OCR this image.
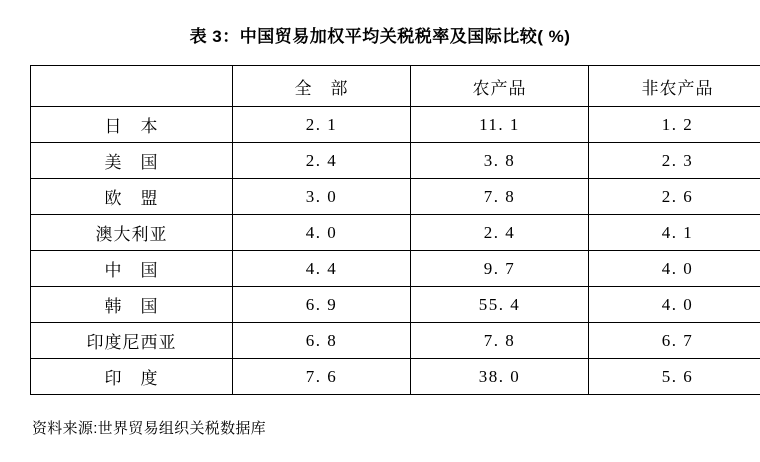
表 3：中国贸易加权平均关税税率及国际比较( %)
	全　部	农产品	非农产品
日　本	2. 1	11. 1	1. 2
美　国	2. 4	3. 8	2. 3
欧　盟	3. 0	7. 8	2. 6
澳大利亚	4. 0	2. 4	4. 1
中　国	4. 4	9. 7	4. 0
韩　国	6. 9	55. 4	4. 0
印度尼西亚	6. 8	7. 8	6. 7
印　度	7. 6	38. 0	5. 6
资料来源:世界贸易组织关税数据库
